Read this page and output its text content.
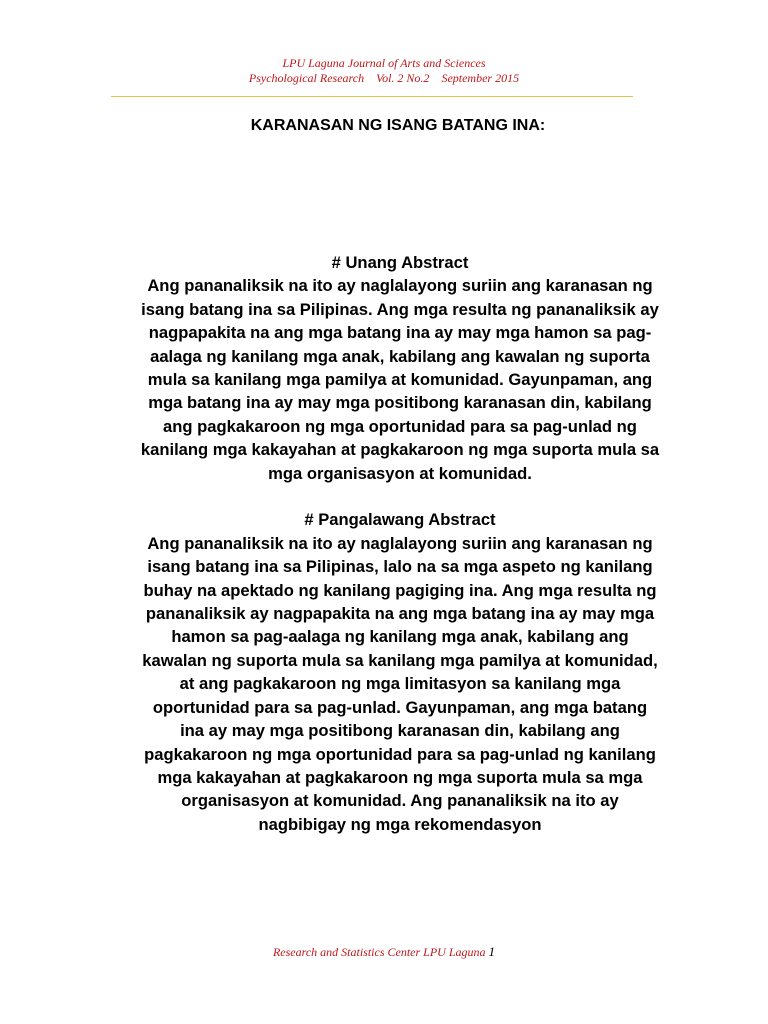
LPU Laguna Journal of Arts and Sciences
Psychological Research Vol. 2 No.2 September 2015
KARANASAN NG ISANG BATANG INA:
# Unang Abstract
Ang pananaliksik na ito ay naglalayong suriin ang karanasan ng isang batang ina sa Pilipinas. Ang mga resulta ng pananaliksik ay nagpapakita na ang mga batang ina ay may mga hamon sa pag-aalaga ng kanilang mga anak, kabilang ang kawalan ng suporta mula sa kanilang mga pamilya at komunidad. Gayunpaman, ang mga batang ina ay may mga positibong karanasan din, kabilang ang pagkakaroon ng mga oportunidad para sa pag-unlad ng kanilang mga kakayahan at pagkakaroon ng mga suporta mula sa mga organisasyon at komunidad.
# Pangalawang Abstract
Ang pananaliksik na ito ay naglalayong suriin ang karanasan ng isang batang ina sa Pilipinas, lalo na sa mga aspeto ng kanilang buhay na apektado ng kanilang pagiging ina. Ang mga resulta ng pananaliksik ay nagpapakita na ang mga batang ina ay may mga hamon sa pag-aalaga ng kanilang mga anak, kabilang ang kawalan ng suporta mula sa kanilang mga pamilya at komunidad, at ang pagkakaroon ng mga limitasyon sa kanilang mga oportunidad para sa pag-unlad. Gayunpaman, ang mga batang ina ay may mga positibong karanasan din, kabilang ang pagkakaroon ng mga oportunidad para sa pag-unlad ng kanilang mga kakayahan at pagkakaroon ng mga suporta mula sa mga organisasyon at komunidad. Ang pananaliksik na ito ay nagbibigay ng mga rekomendasyon
Research and Statistics Center LPU Laguna 1
